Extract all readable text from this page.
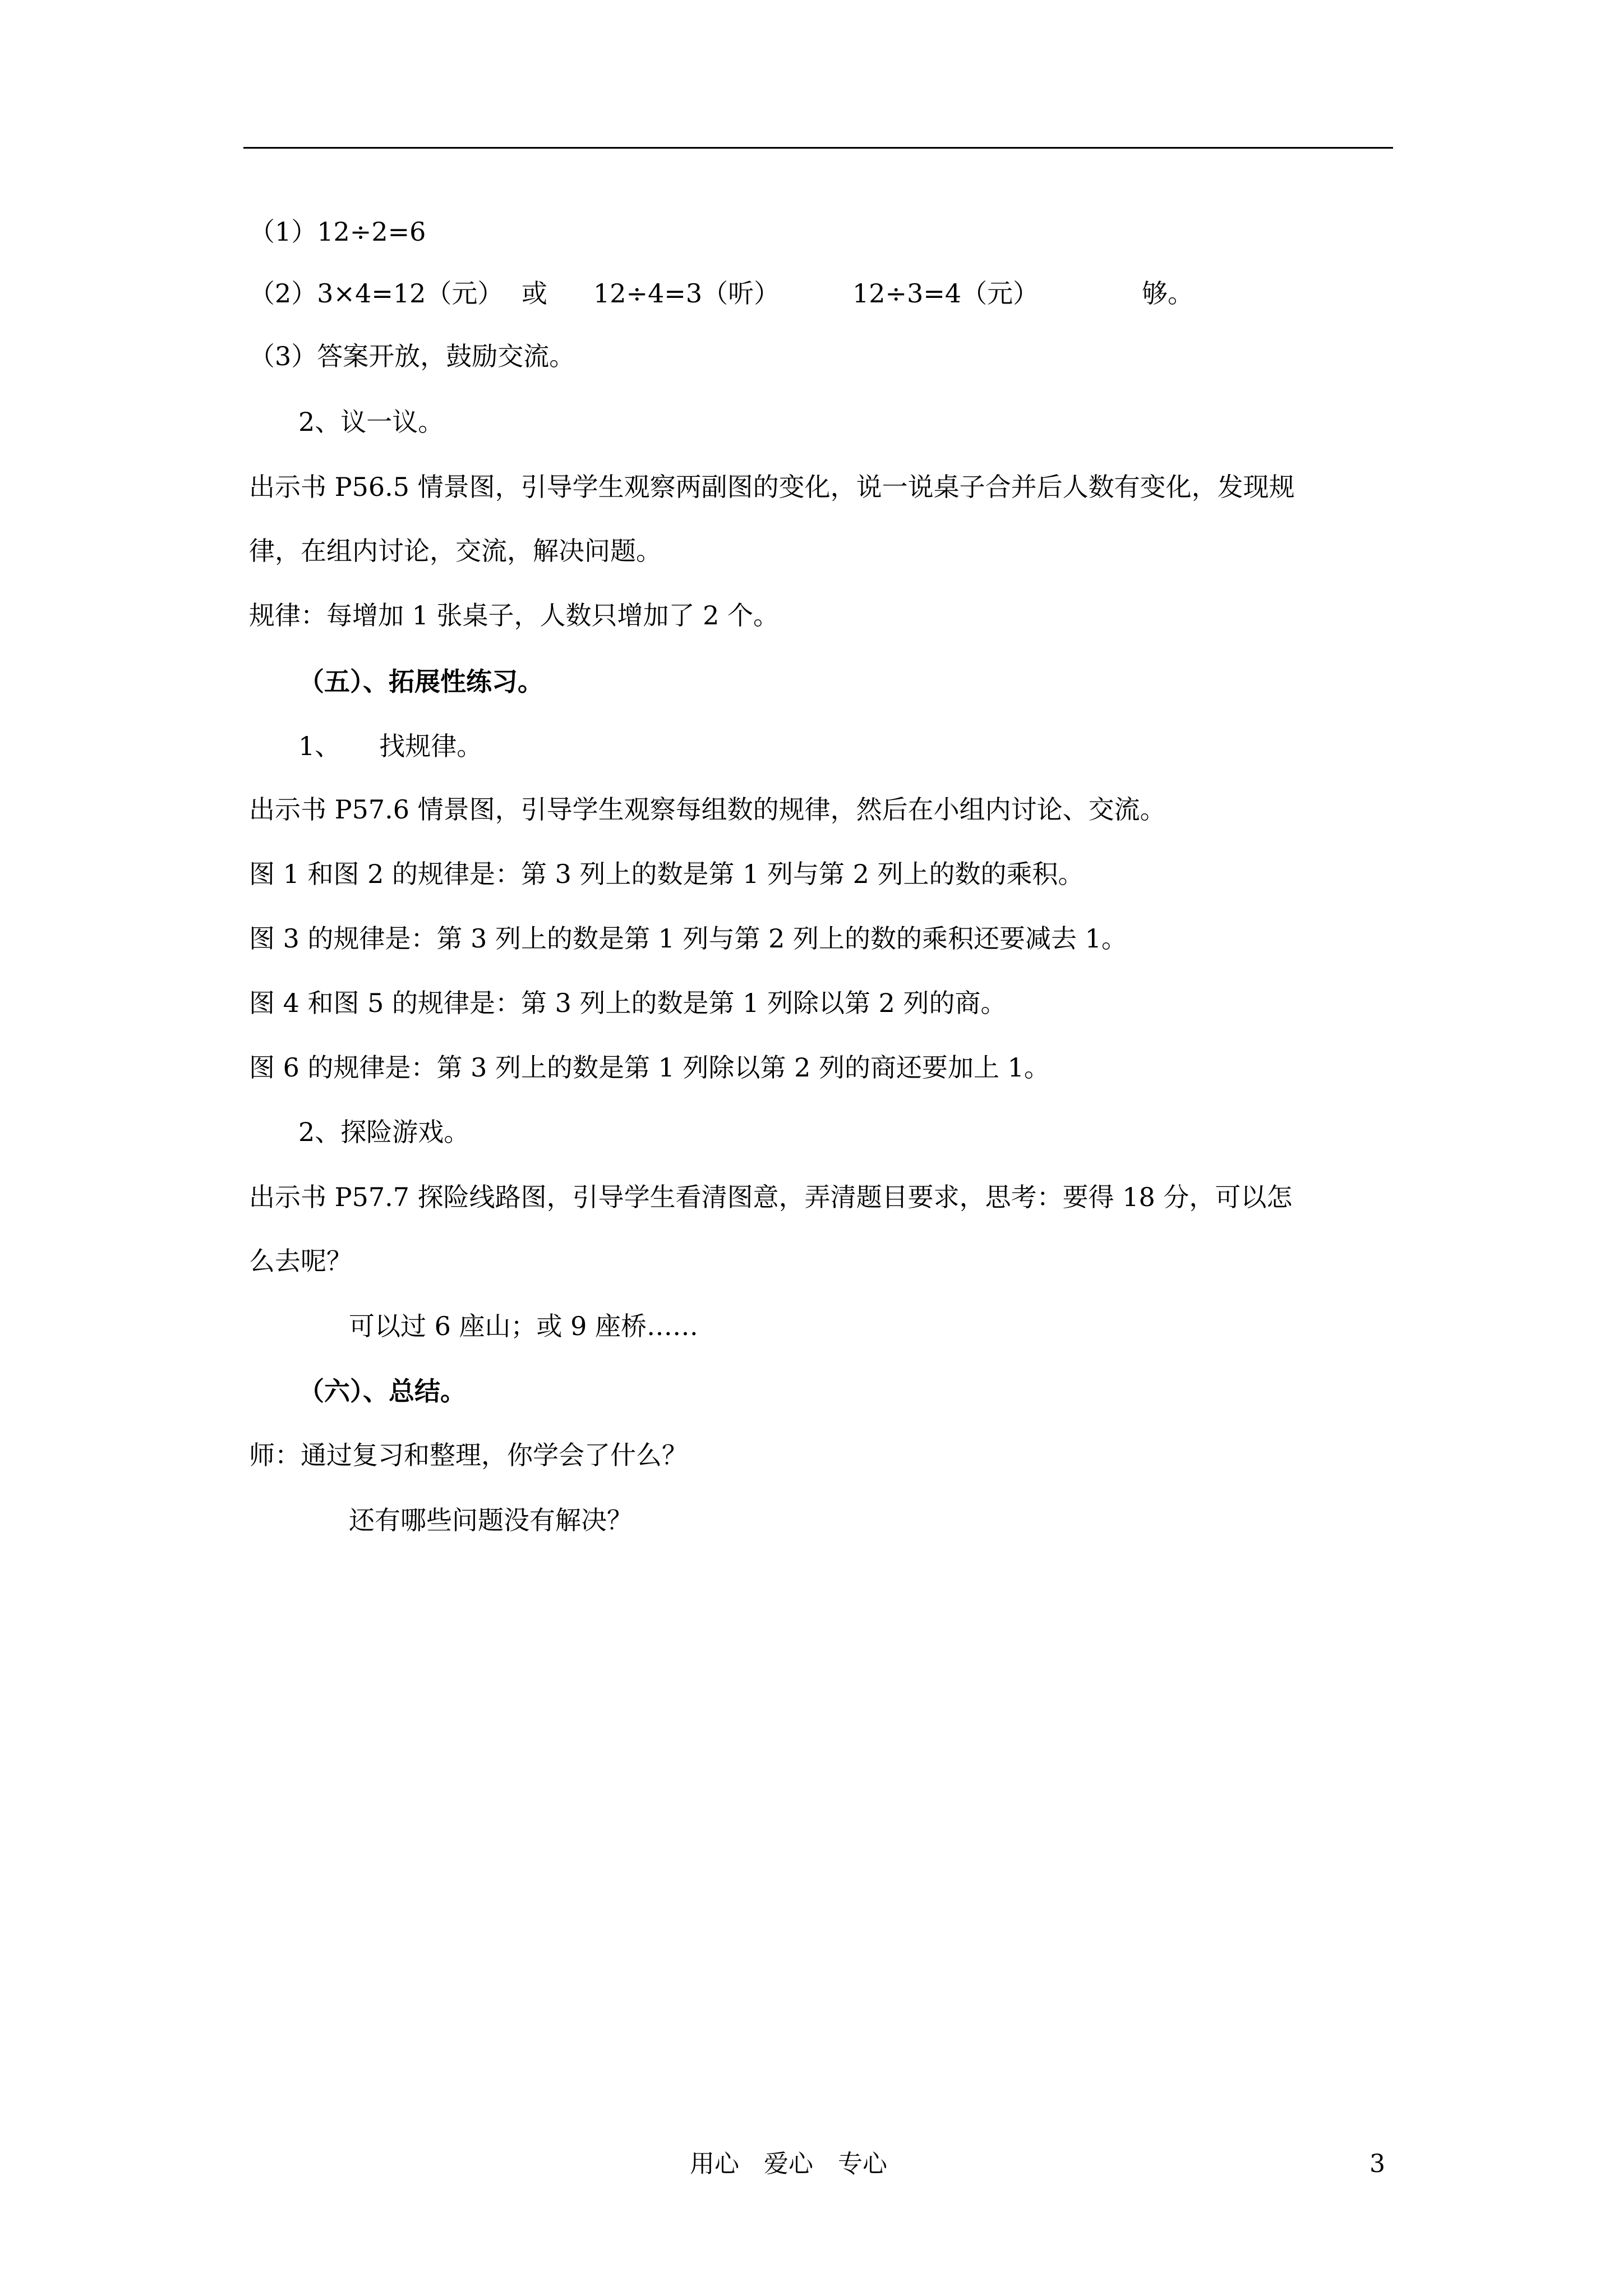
（1）12÷2=6
（2）3×4=12（元） 或 12÷4=3（听）	12÷3=4（元）	够。
（3）答案开放，鼓励交流。
2、议一议。
出示书 P56.5 情景图，引导学生观察两副图的变化，说一说桌子合并后人数有变化，发现规
律，在组内讨论，交流，解决问题。
规律：每增加 1 张桌子，人数只增加了 2 个。
（五）、拓展性练习。
1、　　找规律。
出示书 P57.6 情景图，引导学生观察每组数的规律，然后在小组内讨论、交流。
图 1 和图 2 的规律是：第 3 列上的数是第 1 列与第 2 列上的数的乘积。
图 3 的规律是：第 3 列上的数是第 1 列与第 2 列上的数的乘积还要减去 1。
图 4 和图 5 的规律是：第 3 列上的数是第 1 列除以第 2 列的商。
图 6 的规律是：第 3 列上的数是第 1 列除以第 2 列的商还要加上 1。
2、探险游戏。
出示书 P57.7 探险线路图，引导学生看清图意，弄清题目要求，思考：要得 18 分，可以怎
么去呢？
可以过 6 座山；或 9 座桥……
（六）、总结。
师：通过复习和整理，你学会了什么？
还有哪些问题没有解决？
用心　爱心　专心	3
